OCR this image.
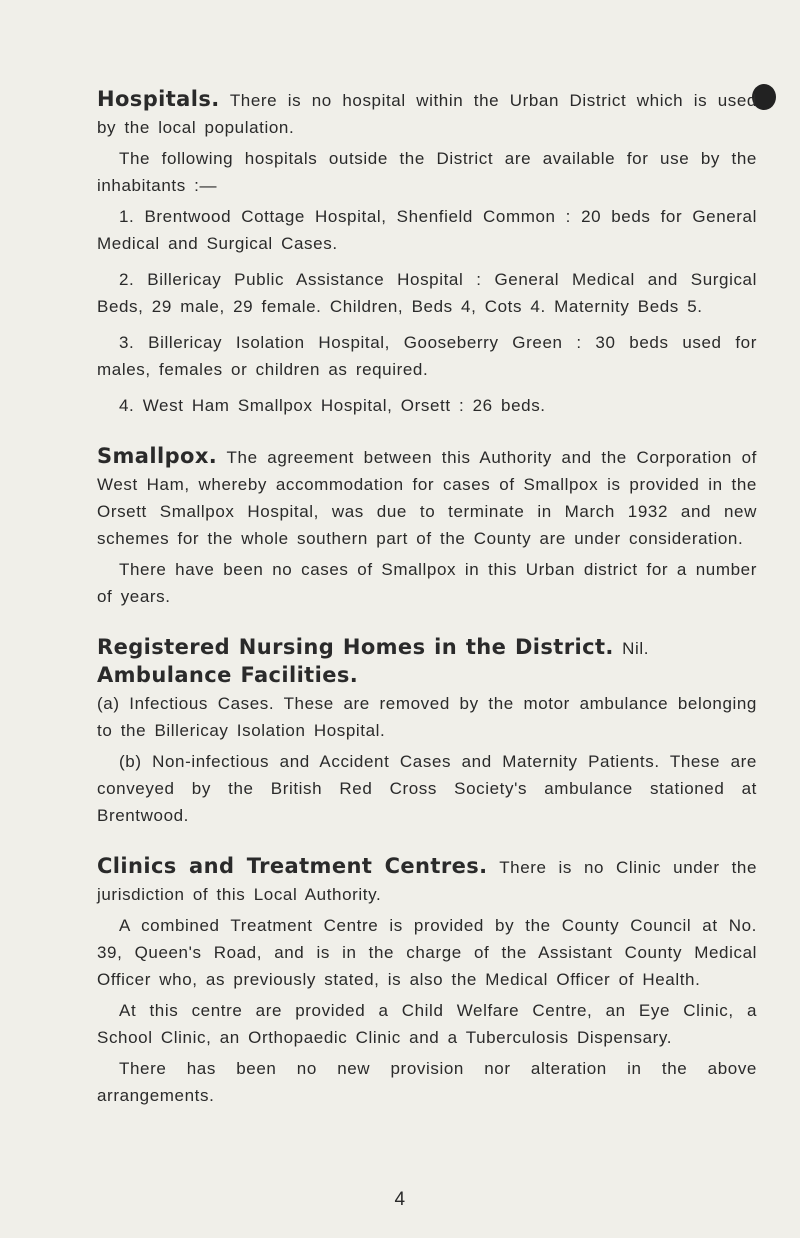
Hospitals. There is no hospital within the Urban District which is used by the local population.

The following hospitals outside the District are available for use by the inhabitants :—

1. Brentwood Cottage Hospital, Shenfield Common : 20 beds for General Medical and Surgical Cases.

2. Billericay Public Assistance Hospital : General Medical and Surgical Beds, 29 male, 29 female. Children, Beds 4, Cots 4. Maternity Beds 5.

3. Billericay Isolation Hospital, Gooseberry Green : 30 beds used for males, females or children as required.

4. West Ham Smallpox Hospital, Orsett : 26 beds.

Smallpox. The agreement between this Authority and the Corporation of West Ham, whereby accommodation for cases of Smallpox is provided in the Orsett Smallpox Hospital, was due to terminate in March 1932 and new schemes for the whole southern part of the County are under consideration.

There have been no cases of Smallpox in this Urban district for a number of years.

Registered Nursing Homes in the District. Nil.

Ambulance Facilities.

(a) Infectious Cases. These are removed by the motor ambulance belonging to the Billericay Isolation Hospital.

(b) Non-infectious and Accident Cases and Maternity Patients. These are conveyed by the British Red Cross Society's ambulance stationed at Brentwood.

Clinics and Treatment Centres. There is no Clinic under the jurisdiction of this Local Authority.

A combined Treatment Centre is provided by the County Council at No. 39, Queen's Road, and is in the charge of the Assistant County Medical Officer who, as previously stated, is also the Medical Officer of Health.

At this centre are provided a Child Welfare Centre, an Eye Clinic, a School Clinic, an Orthopaedic Clinic and a Tuberculosis Dispensary.

There has been no new provision nor alteration in the above arrangements.

4
